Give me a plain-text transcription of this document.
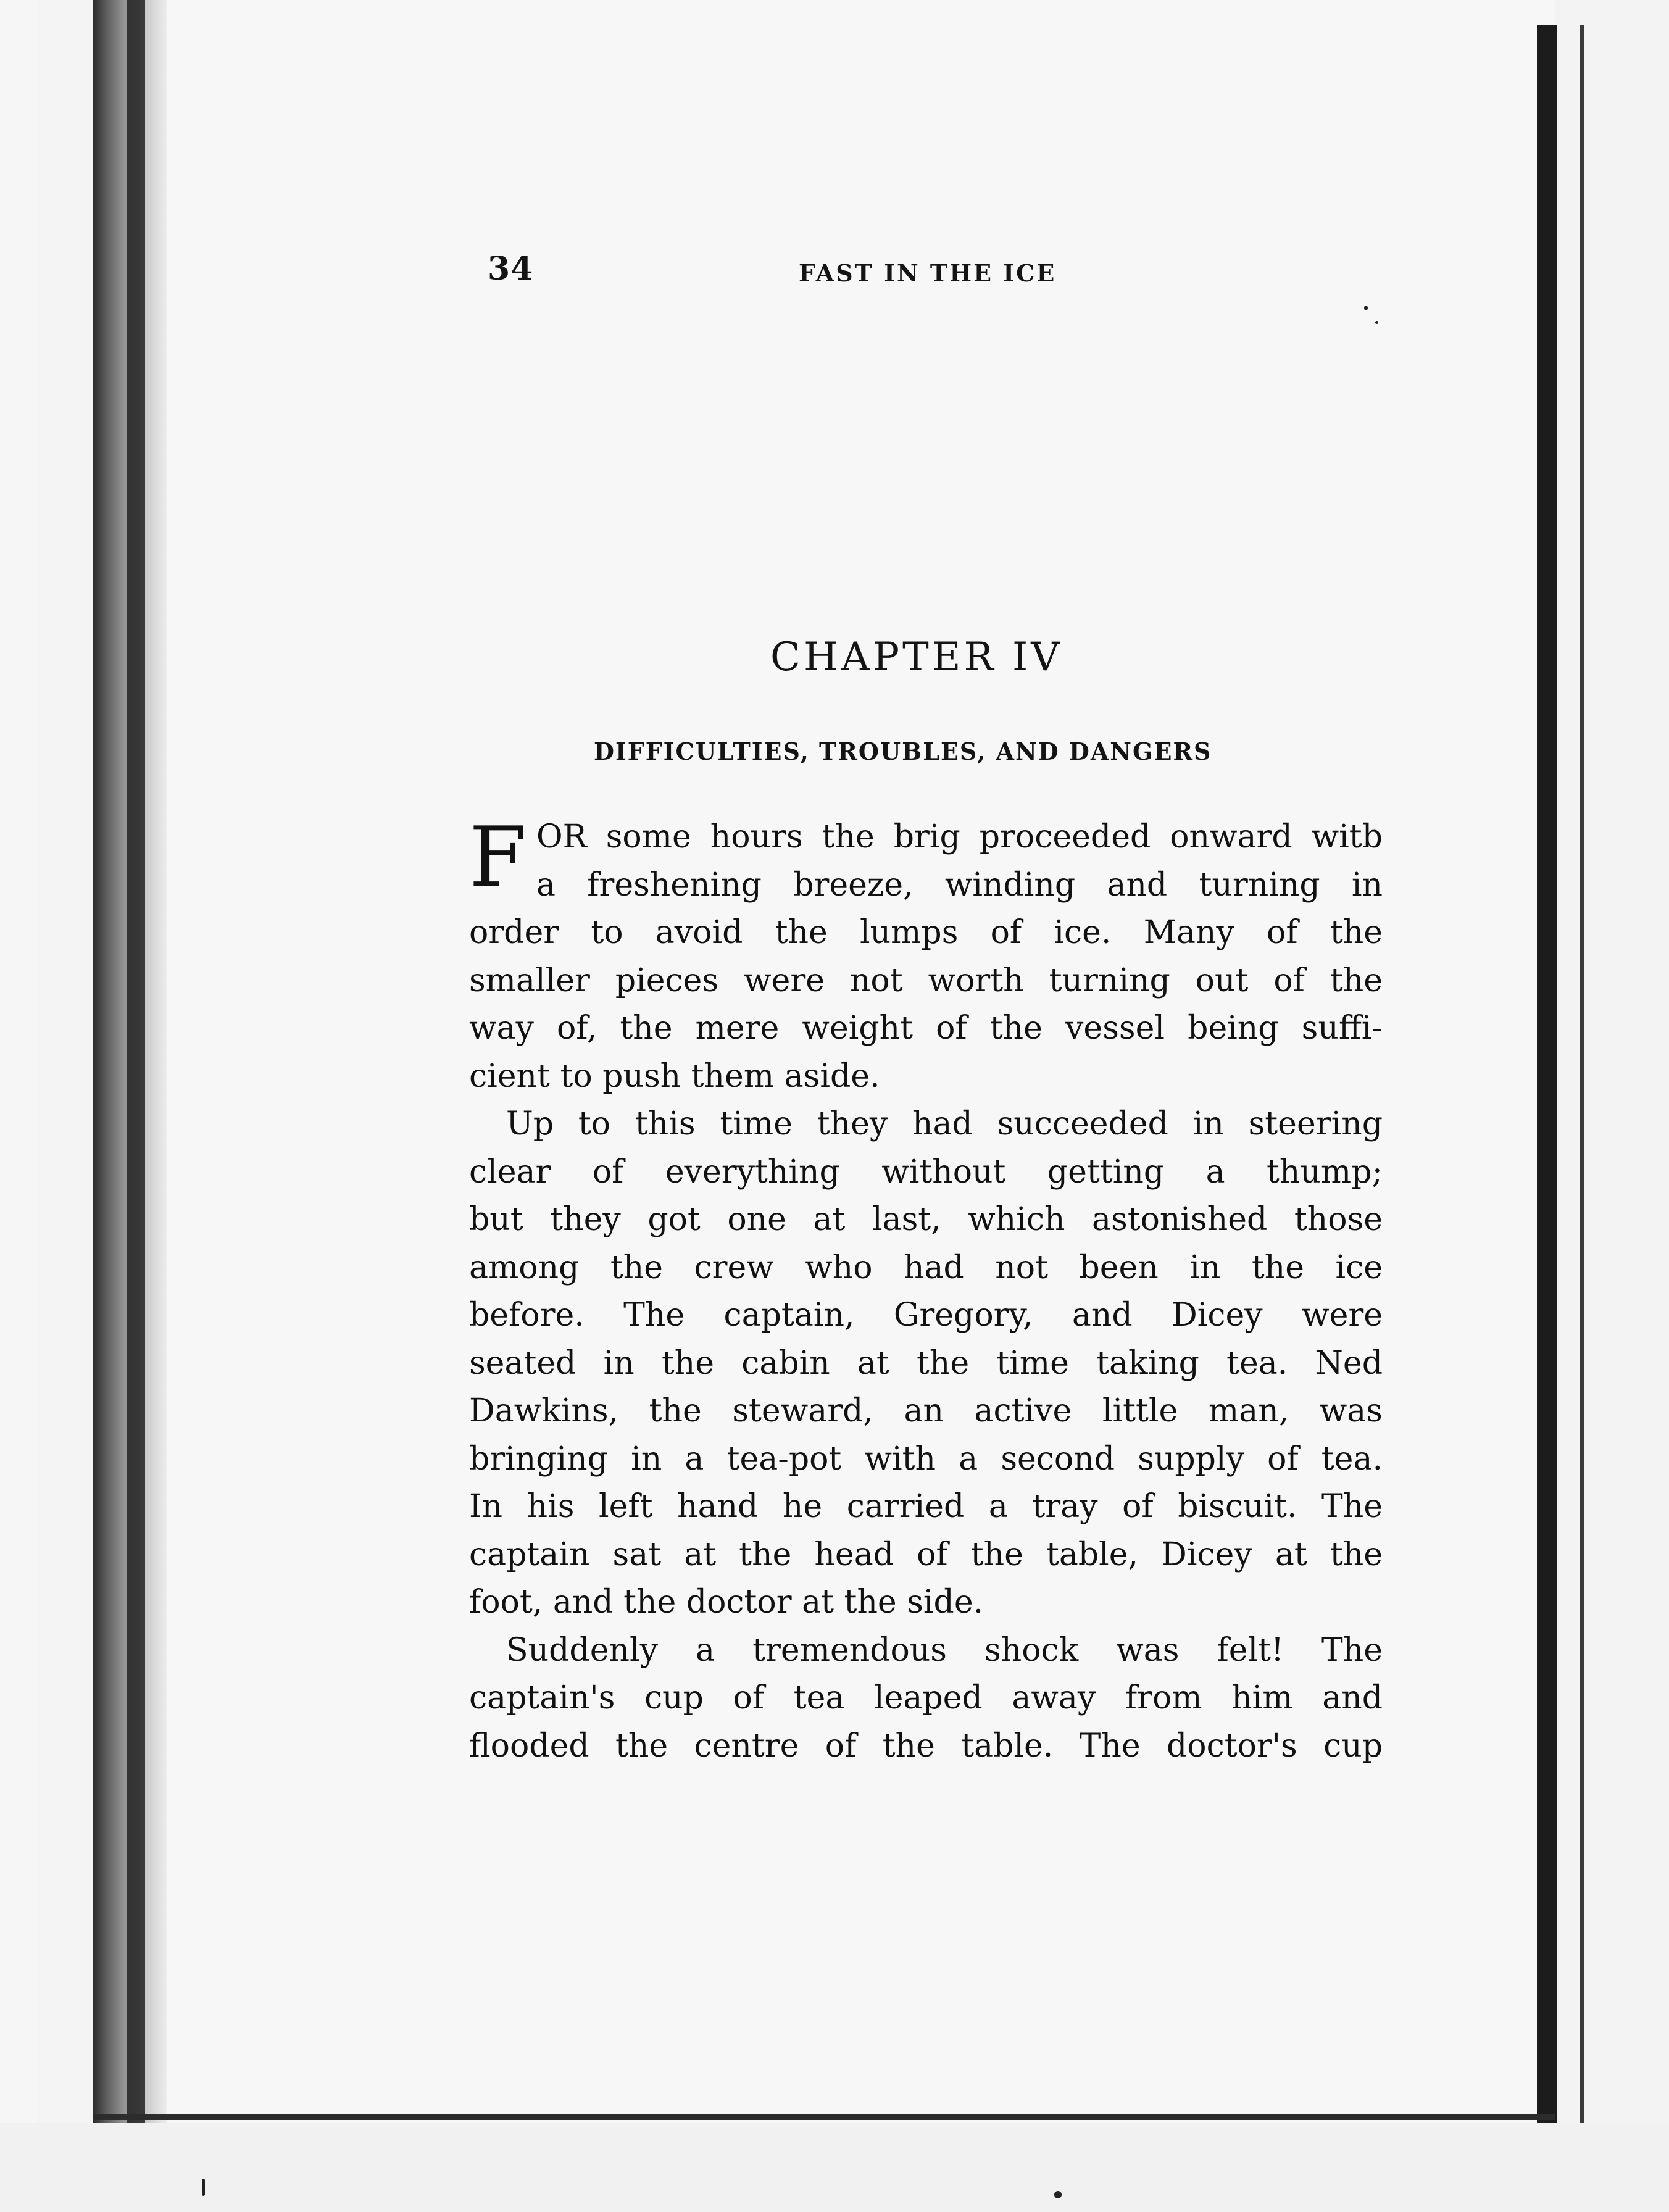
34	FAST IN THE ICE
CHAPTER IV
DIFFICULTIES, TROUBLES, AND DANGERS
F OR some hours the brig proceeded onward witb
a freshening breeze, winding and turning in
order to avoid the lumps of ice. Many of the
smaller pieces were not worth turning out of the
way of, the mere weight of the vessel being suffi-
cient to push them aside.
Up to this time they had succeeded in steering
clear of everything without getting a thump;
but they got one at last, which astonished those
among the crew who had not been in the ice
before. The captain, Gregory, and Dicey were
seated in the cabin at the time taking tea. Ned
Dawkins, the steward, an active little man, was
bringing in a tea-pot with a second supply of tea.
In his left hand he carried a tray of biscuit. The
captain sat at the head of the table, Dicey at the
foot, and the doctor at the side.
Suddenly a tremendous shock was felt! The
captain's cup of tea leaped away from him and
flooded the centre of the table. The doctor's cup
